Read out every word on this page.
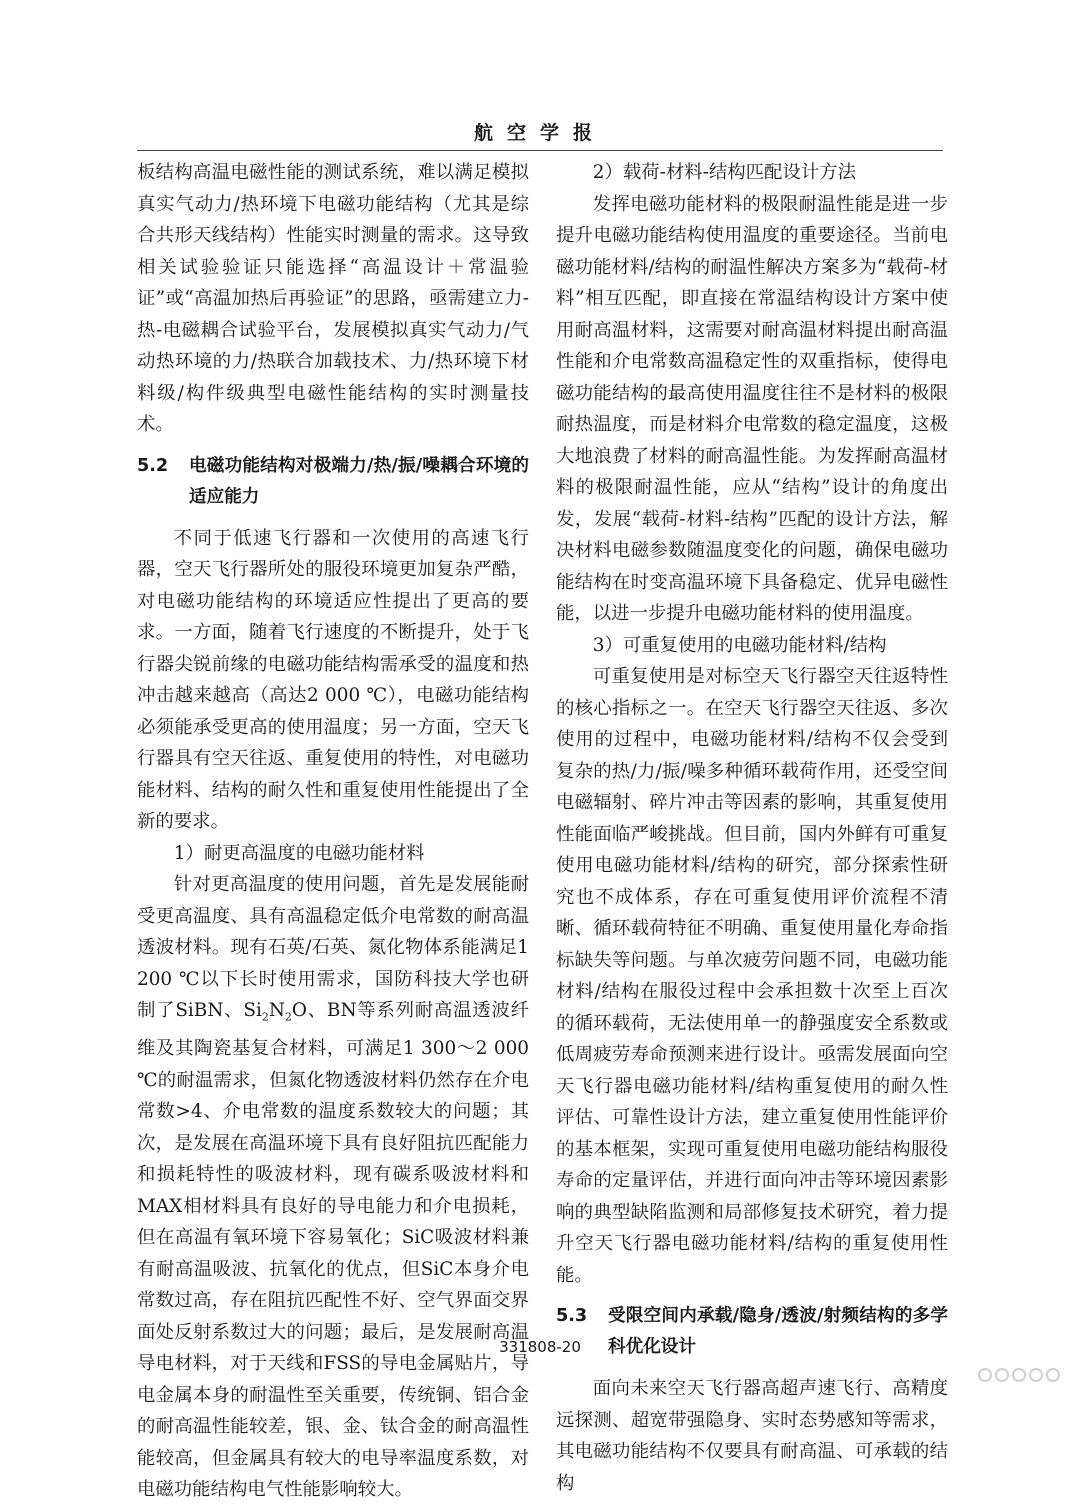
航空学报

板结构高温电磁性能的测试系统，难以满足模拟真实气动力/热环境下电磁功能结构（尤其是综合共形天线结构）性能实时测量的需求。这导致相关试验验证只能选择“高温设计＋常温验证”或“高温加热后再验证”的思路，亟需建立力-热-电磁耦合试验平台，发展模拟真实气动力/气动热环境的力/热联合加载技术、力/热环境下材料级/构件级典型电磁性能结构的实时测量技术。

5.2	电磁功能结构对极端力/热/振/噪耦合环境的适应能力

不同于低速飞行器和一次使用的高速飞行器，空天飞行器所处的服役环境更加复杂严酷，对电磁功能结构的环境适应性提出了更高的要求。一方面，随着飞行速度的不断提升，处于飞行器尖锐前缘的电磁功能结构需承受的温度和热冲击越来越高（高达2 000 ℃），电磁功能结构必须能承受更高的使用温度；另一方面，空天飞行器具有空天往返、重复使用的特性，对电磁功能材料、结构的耐久性和重复使用性能提出了全新的要求。

1）耐更高温度的电磁功能材料

针对更高温度的使用问题，首先是发展能耐受更高温度、具有高温稳定低介电常数的耐高温透波材料。现有石英/石英、氮化物体系能满足1 200 ℃以下长时使用需求，国防科技大学也研制了SiBN、$Si_2N_2O$、BN等系列耐高温透波纤维及其陶瓷基复合材料，可满足1 300～2 000 ℃的耐温需求，但氮化物透波材料仍然存在介电常数>4、介电常数的温度系数较大的问题；其次，是发展在高温环境下具有良好阻抗匹配能力和损耗特性的吸波材料，现有碳系吸波材料和MAX相材料具有良好的导电能力和介电损耗，但在高温有氧环境下容易氧化；SiC吸波材料兼有耐高温吸波、抗氧化的优点，但SiC本身介电常数过高，存在阻抗匹配性不好、空气界面交界面处反射系数过大的问题；最后，是发展耐高温导电材料，对于天线和FSS的导电金属贴片，导电金属本身的耐温性至关重要，传统铜、铝合金的耐高温性能较差，银、金、钛合金的耐高温性能较高，但金属具有较大的电导率温度系数，对电磁功能结构电气性能影响较大。

2）载荷-材料-结构匹配设计方法

发挥电磁功能材料的极限耐温性能是进一步提升电磁功能结构使用温度的重要途径。当前电磁功能材料/结构的耐温性解决方案多为“载荷-材料”相互匹配，即直接在常温结构设计方案中使用耐高温材料，这需要对耐高温材料提出耐高温性能和介电常数高温稳定性的双重指标，使得电磁功能结构的最高使用温度往往不是材料的极限耐热温度，而是材料介电常数的稳定温度，这极大地浪费了材料的耐高温性能。为发挥耐高温材料的极限耐温性能，应从“结构”设计的角度出发，发展“载荷-材料-结构”匹配的设计方法，解决材料电磁参数随温度变化的问题，确保电磁功能结构在时变高温环境下具备稳定、优异电磁性能，以进一步提升电磁功能材料的使用温度。

3）可重复使用的电磁功能材料/结构

可重复使用是对标空天飞行器空天往返特性的核心指标之一。在空天飞行器空天往返、多次使用的过程中，电磁功能材料/结构不仅会受到复杂的热/力/振/噪多种循环载荷作用，还受空间电磁辐射、碎片冲击等因素的影响，其重复使用性能面临严峻挑战。但目前，国内外鲜有可重复使用电磁功能材料/结构的研究，部分探索性研究也不成体系，存在可重复使用评价流程不清晰、循环载荷特征不明确、重复使用量化寿命指标缺失等问题。与单次疲劳问题不同，电磁功能材料/结构在服役过程中会承担数十次至上百次的循环载荷，无法使用单一的静强度安全系数或低周疲劳寿命预测来进行设计。亟需发展面向空天飞行器电磁功能材料/结构重复使用的耐久性评估、可靠性设计方法，建立重复使用性能评价的基本框架，实现可重复使用电磁功能结构服役寿命的定量评估，并进行面向冲击等环境因素影响的典型缺陷监测和局部修复技术研究，着力提升空天飞行器电磁功能材料/结构的重复使用性能。

5.3	受限空间内承载/隐身/透波/射频结构的多学科优化设计

面向未来空天飞行器高超声速飞行、高精度远探测、超宽带强隐身、实时态势感知等需求，其电磁功能结构不仅要具有耐高温、可承载的结构

331808-20
